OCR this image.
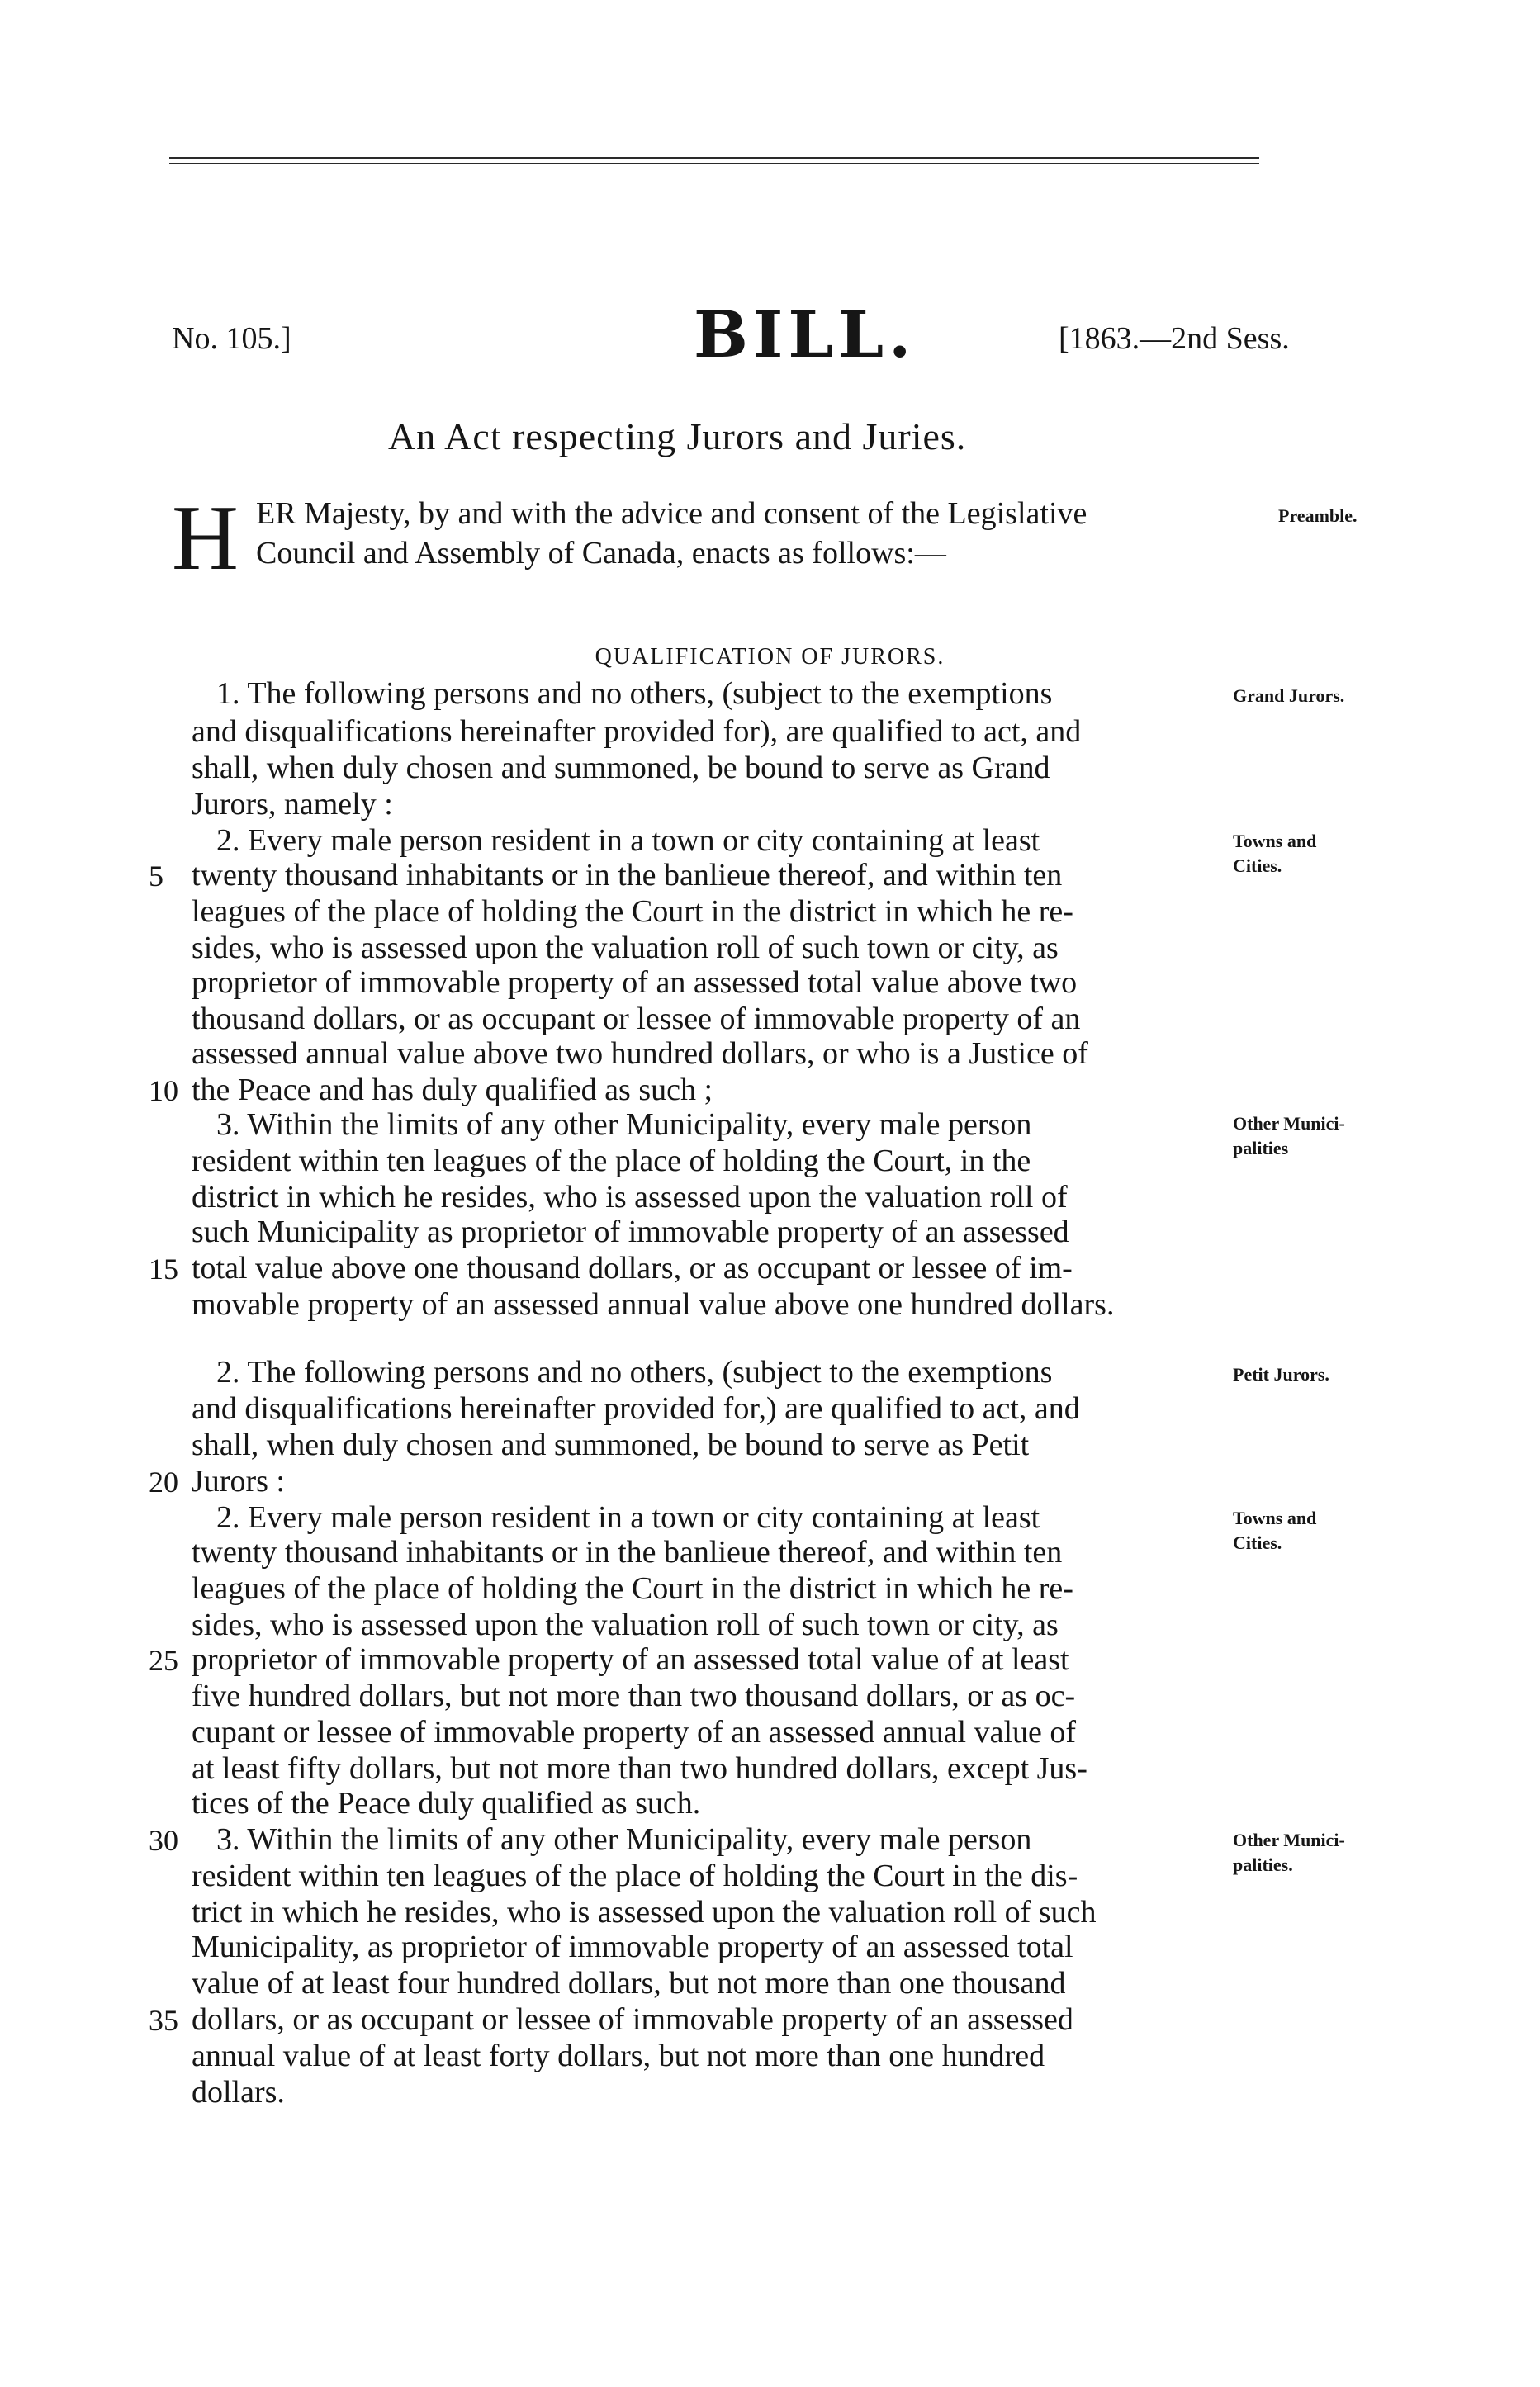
No. 105.]	BILL.	[1863.—2nd Sess.
An Act respecting Jurors and Juries.
H ER Majesty, by and with the advice and consent of the Legislative
Council and Assembly of Canada, enacts as follows:—
Preamble.
QUALIFICATION OF JURORS.
1. The following persons and no others, (subject to the exemptions
and disqualifications hereinafter provided for), are qualified to act, and
shall, when duly chosen and summoned, be bound to serve as Grand
Jurors, namely :
2. Every male person resident in a town or city containing at least
twenty thousand inhabitants or in the banlieue thereof, and within ten
leagues of the place of holding the Court in the district in which he re-
sides, who is assessed upon the valuation roll of such town or city, as
proprietor of immovable property of an assessed total value above two
thousand dollars, or as occupant or lessee of immovable property of an
assessed annual value above two hundred dollars, or who is a Justice of
the Peace and has duly qualified as such ;
3. Within the limits of any other Municipality, every male person
resident within ten leagues of the place of holding the Court, in the
district in which he resides, who is assessed upon the valuation roll of
such Municipality as proprietor of immovable property of an assessed
total value above one thousand dollars, or as occupant or lessee of im-
movable property of an assessed annual value above one hundred dollars.
2. The following persons and no others, (subject to the exemptions
and disqualifications hereinafter provided for,) are qualified to act, and
shall, when duly chosen and summoned, be bound to serve as Petit
Jurors :
2. Every male person resident in a town or city containing at least
twenty thousand inhabitants or in the banlieue thereof, and within ten
leagues of the place of holding the Court in the district in which he re-
sides, who is assessed upon the valuation roll of such town or city, as
proprietor of immovable property of an assessed total value of at least
five hundred dollars, but not more than two thousand dollars, or as oc-
cupant or lessee of immovable property of an assessed annual value of
at least fifty dollars, but not more than two hundred dollars, except Jus-
tices of the Peace duly qualified as such.
3. Within the limits of any other Municipality, every male person
resident within ten leagues of the place of holding the Court in the dis-
trict in which he resides, who is assessed upon the valuation roll of such
Municipality, as proprietor of immovable property of an assessed total
value of at least four hundred dollars, but not more than one thousand
dollars, or as occupant or lessee of immovable property of an assessed
annual value of at least forty dollars, but not more than one hundred
dollars.
5
10
15
20
25
30
35
Grand Jurors.
Towns and
Cities.
Other Munici-
palities
Petit Jurors.
Towns and
Cities.
Other Munici-
palities.
